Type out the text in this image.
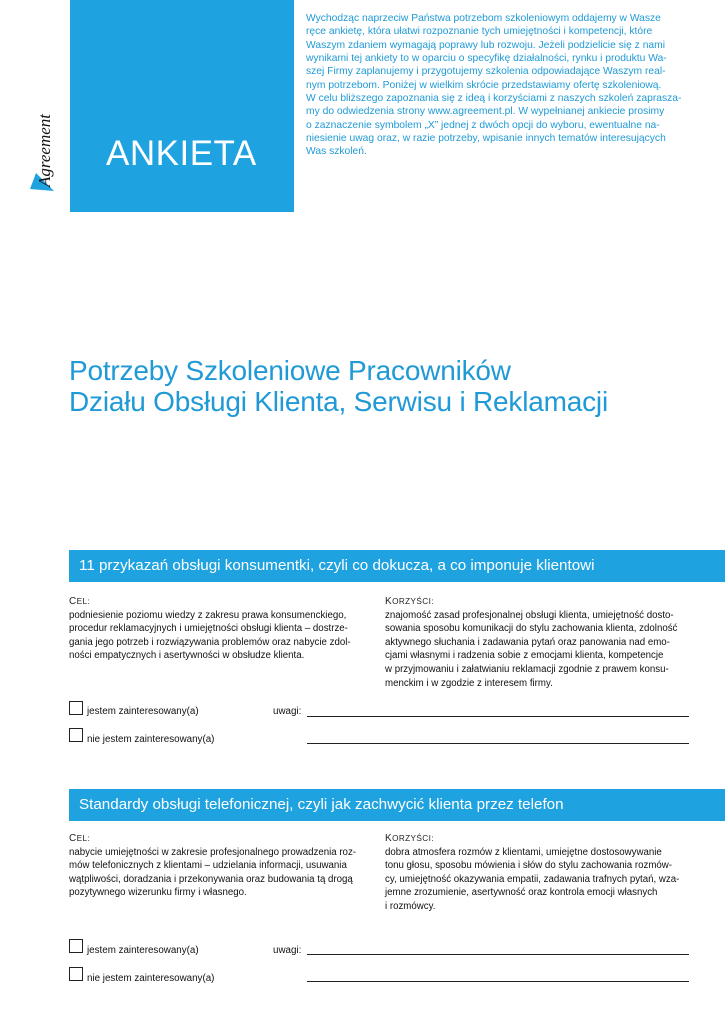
Agreement ANKIETA
Wychodząc naprzeciw Państwa potrzebom szkoleniowym oddajemy w Wasze
ręce ankietę, która ułatwi rozpoznanie tych umiejętności i kompetencji, które
Waszym zdaniem wymagają poprawy lub rozwoju. Jeżeli podzielicie się z nami
wynikami tej ankiety to w oparciu o specyfikę działalności, rynku i produktu Wa-
szej Firmy zaplanujemy i przygotujemy szkolenia odpowiadające Waszym real-
nym potrzebom. Poniżej w wielkim skrócie przedstawiamy ofertę szkoleniową.
W celu bliższego zapoznania się z ideą i korzyściami z naszych szkoleń zaprasza-
my do odwiedzenia strony www.agreement.pl. W wypełnianej ankiecie prosimy
o zaznaczenie symbolem „X” jednej z dwóch opcji do wyboru, ewentualne na-
niesienie uwag oraz, w razie potrzeby, wpisanie innych tematów interesujących
Was szkoleń.
Potrzeby Szkoleniowe Pracowników
Działu Obsługi Klienta, Serwisu i Reklamacji
11 przykazań obsługi konsumentki, czyli co dokucza, a co imponuje klientowi
CEL:
podniesienie poziomu wiedzy z zakresu prawa konsumenckiego,
procedur reklamacyjnych i umiejętności obsługi klienta – dostrze-
gania jego potrzeb i rozwiązywania problemów oraz nabycie zdol-
ności empatycznych i asertywności w obsłudze klienta.
KORZYŚCI:
znajomość zasad profesjonalnej obsługi klienta, umiejętność dosto-
sowania sposobu komunikacji do stylu zachowania klienta, zdolność
aktywnego słuchania i zadawania pytań oraz panowania nad emo-
cjami własnymi i radzenia sobie z emocjami klienta, kompetencje
w przyjmowaniu i załatwianiu reklamacji zgodnie z prawem konsu-
menckim i w zgodzie z interesem firmy.
jestem zainteresowany(a)	uwagi:
nie jestem zainteresowany(a)
Standardy obsługi telefonicznej, czyli jak zachwycić klienta przez telefon
CEL:
nabycie umiejętności w zakresie profesjonalnego prowadzenia roz-
mów telefonicznych z klientami – udzielania informacji, usuwania
wątpliwości, doradzania i przekonywania oraz budowania tą drogą
pozytywnego wizerunku firmy i własnego.
KORZYŚCI:
dobra atmosfera rozmów z klientami, umiejętne dostosowywanie
tonu głosu, sposobu mówienia i słów do stylu zachowania rozmów-
cy, umiejętność okazywania empatii, zadawania trafnych pytań, wza-
jemne zrozumienie, asertywność oraz kontrola emocji własnych
i rozmówcy.
jestem zainteresowany(a)	uwagi:
nie jestem zainteresowany(a)
